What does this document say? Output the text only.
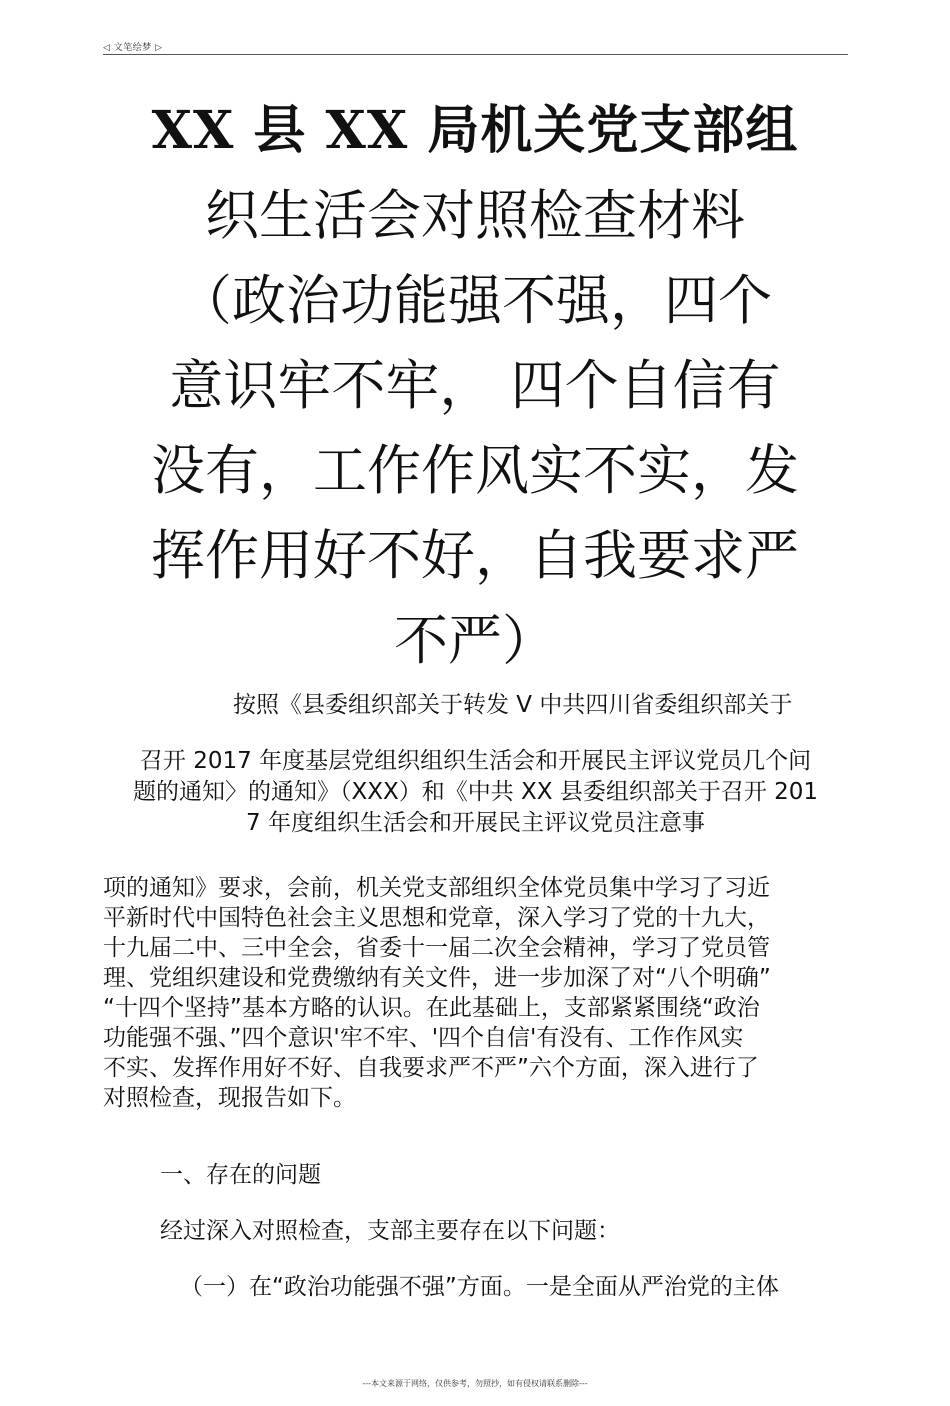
◁ 文笔绘梦 ▷
XX 县 XX 局机关党支部组
织生活会对照检查材料
（政治功能强不强，四个
意识牢不牢， 四个自信有
没有，工作作风实不实，发
挥作用好不好，自我要求严
不严）
按照《县委组织部关于转发 V 中共四川省委组织部关于
召开 2017 年度基层党组织组织生活会和开展民主评议党员几个问
题的通知〉的通知》（XXX）和《中共 XX 县委组织部关于召开 201
7 年度组织生活会和开展民主评议党员注意事
项的通知》要求，会前，机关党支部组织全体党员集中学习了习近
平新时代中国特色社会主义思想和党章，深入学习了党的十九大，
十九届二中、三中全会，省委十一届二次全会精神，学习了党员管
理、党组织建设和党费缴纳有关文件，进一步加深了对“八个明确”
“十四个坚持”基本方略的认识。在此基础上，支部紧紧围绕“政治
功能强不强、”四个意识'牢不牢、'四个自信'有没有、工作作风实
不实、发挥作用好不好、自我要求严不严”六个方面，深入进行了
对照检查，现报告如下。
一、存在的问题
经过深入对照检查，支部主要存在以下问题：
（一）在“政治功能强不强”方面。一是全面从严治党的主体
---本文来源于网络，仅供参考，勿照抄，如有侵权请联系删除---
